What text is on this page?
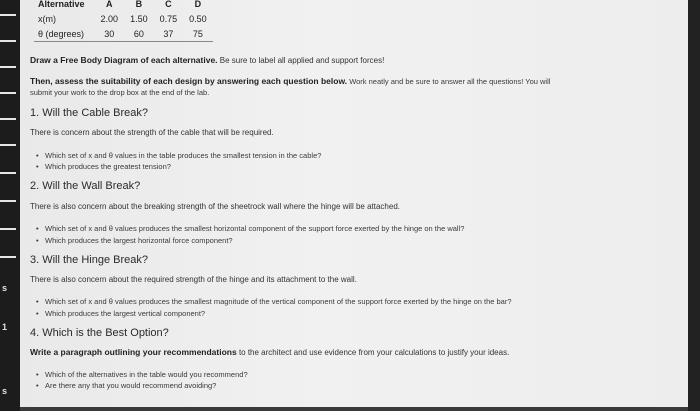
s
1
s
Alternative	A	B	C	D
x(m)	2.00	1.50	0.75	0.50
θ (degrees)	30	60	37	75
Draw a Free Body Diagram of each alternative. Be sure to label all applied and support forces!
Then, assess the suitability of each design by answering each question below. Work neatly and be sure to answer all the questions! You will
submit your work to the drop box at the end of the lab.
1. Will the Cable Break?
There is concern about the strength of the cable that will be required.
• Which set of x and θ values in the table produces the smallest tension in the cable?
• Which produces the greatest tension?
2. Will the Wall Break?
There is also concern about the breaking strength of the sheetrock wall where the hinge will be attached.
• Which set of x and θ values produces the smallest horizontal component of the support force exerted by the hinge on the wall?
• Which produces the largest horizontal force component?
3. Will the Hinge Break?
There is also concern about the required strength of the hinge and its attachment to the wall.
• Which set of x and θ values produces the smallest magnitude of the vertical component of the support force exerted by the hinge on the bar?
• Which produces the largest vertical component?
4. Which is the Best Option?
Write a paragraph outlining your recommendations to the architect and use evidence from your calculations to justify your ideas.
• Which of the alternatives in the table would you recommend?
• Are there any that you would recommend avoiding?
